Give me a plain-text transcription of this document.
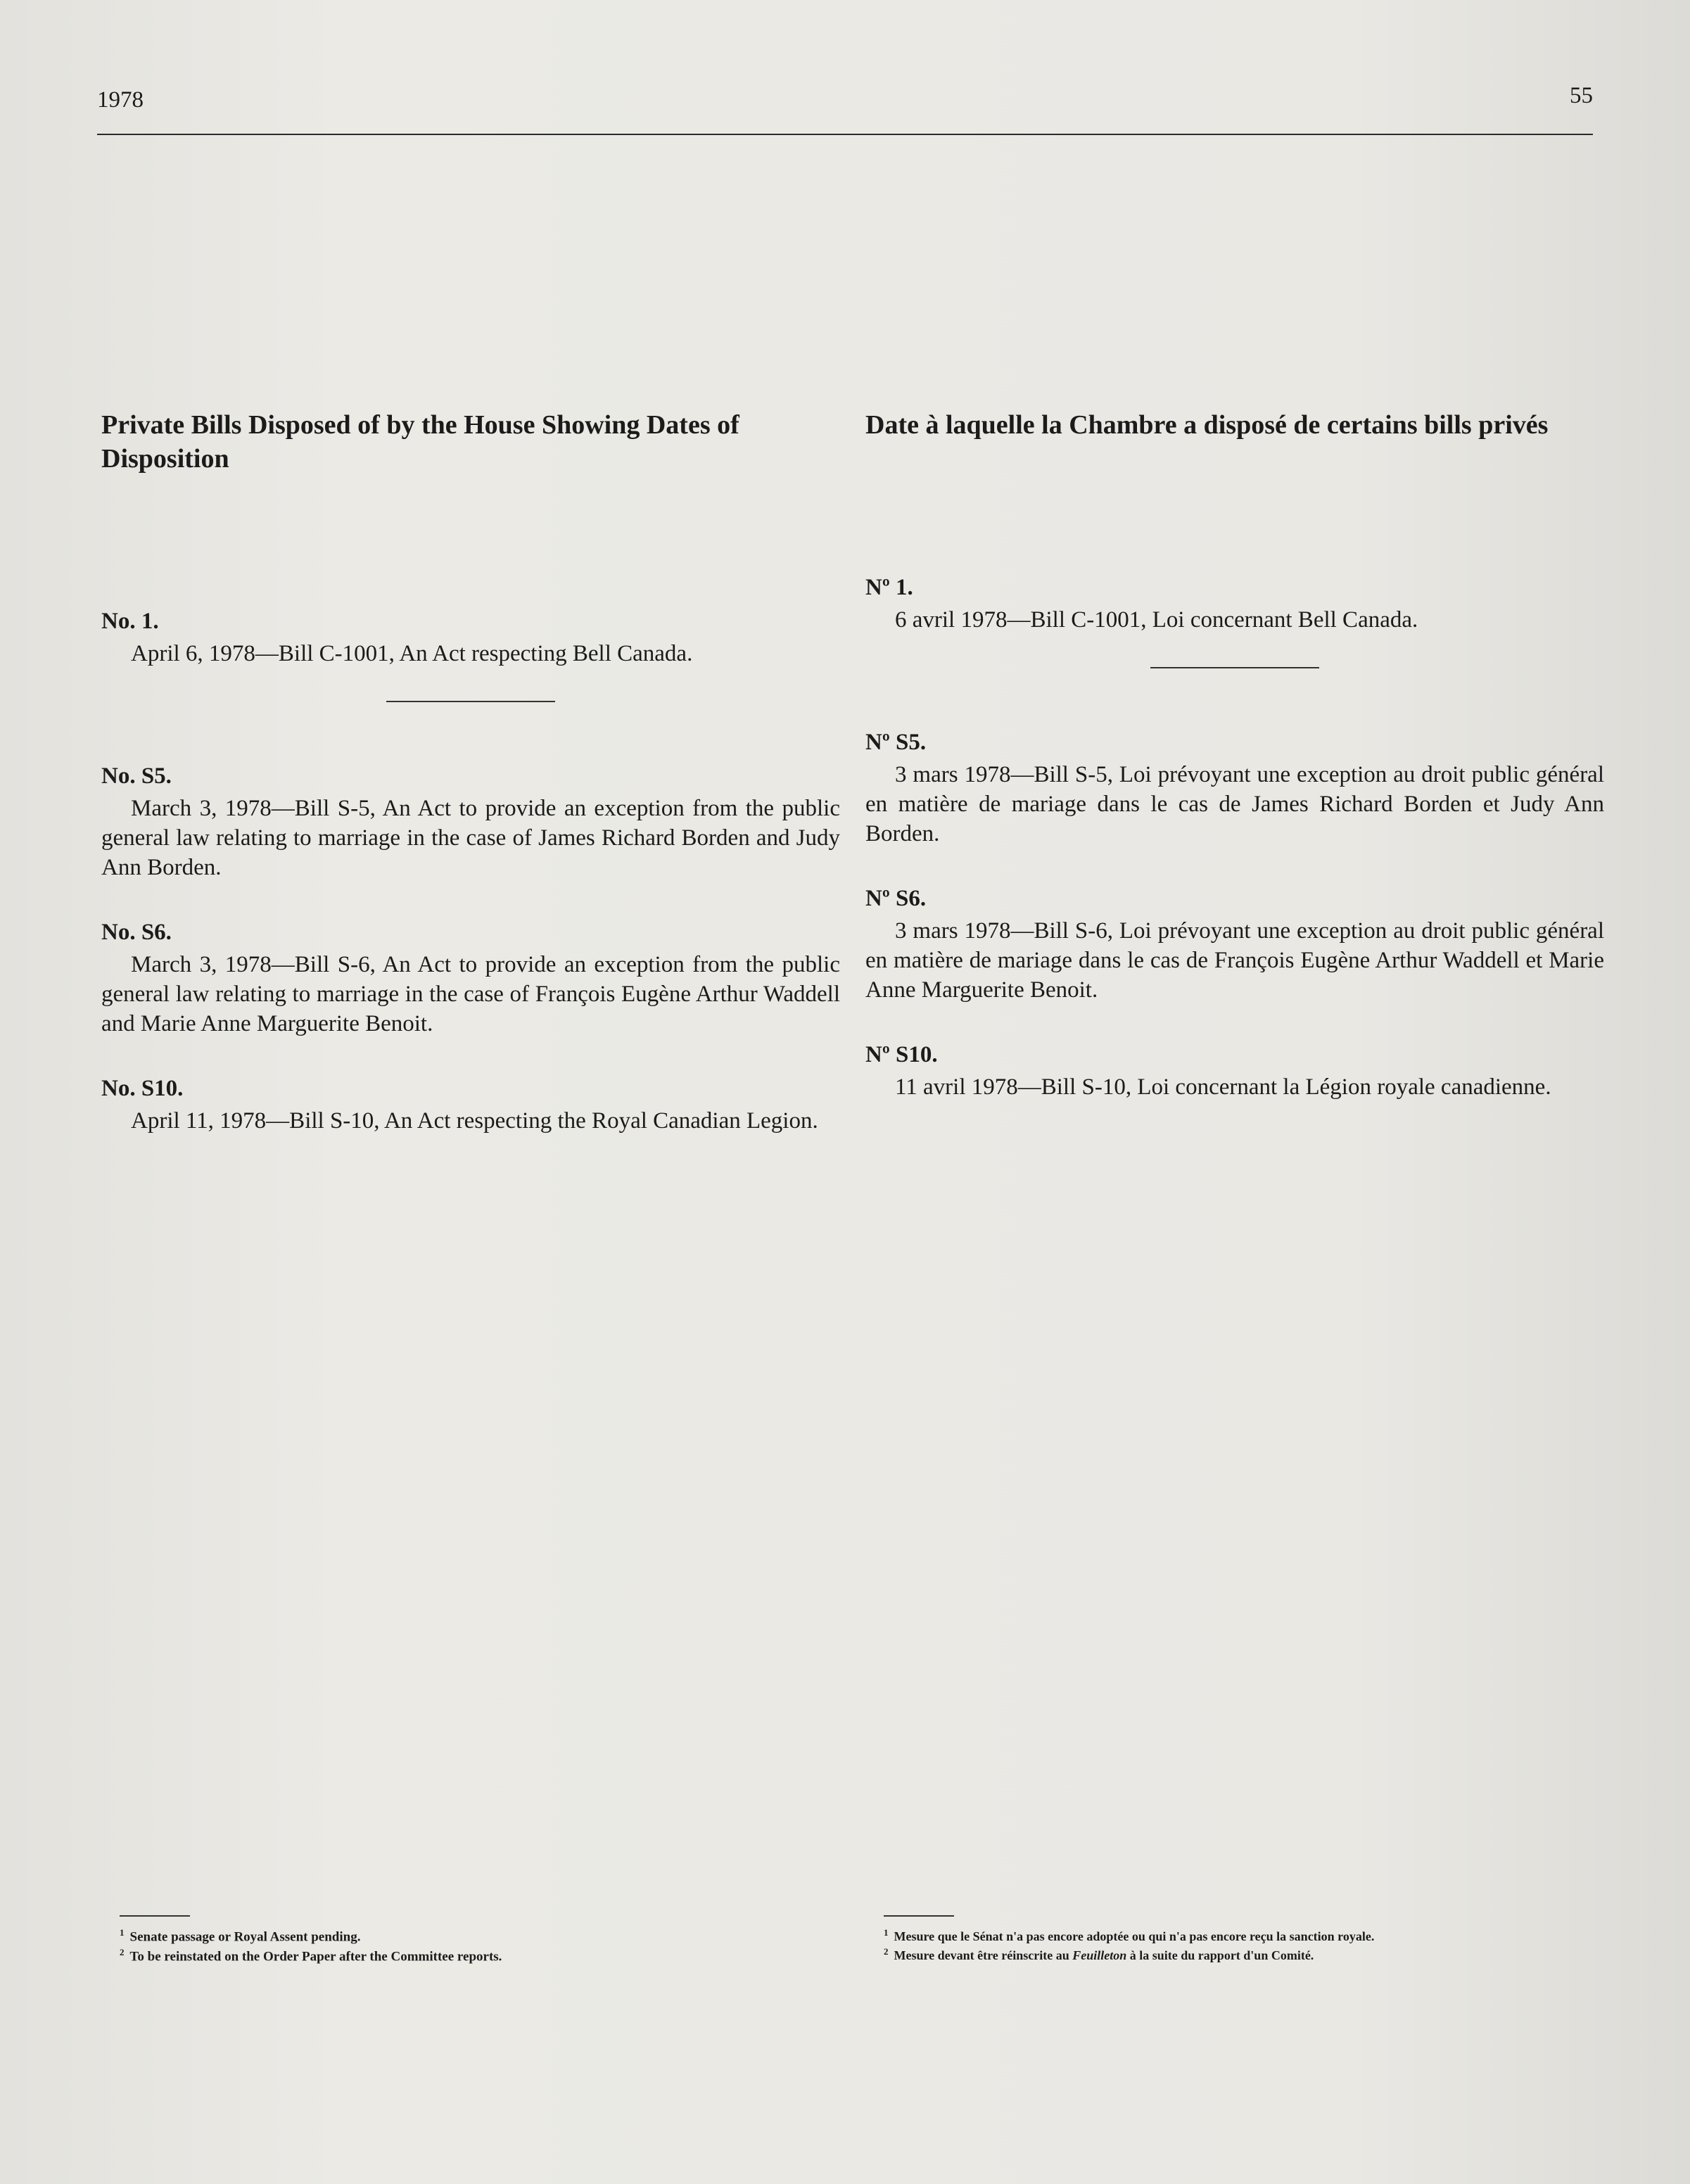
1978	55
Private Bills Disposed of by the House Showing Dates of Disposition
No. 1.

April 6, 1978—Bill C-1001, An Act respecting Bell Canada.

No. S5.

March 3, 1978—Bill S-5, An Act to provide an exception from the public general law relating to marriage in the case of James Richard Borden and Judy Ann Borden.

No. S6.

March 3, 1978—Bill S-6, An Act to provide an exception from the public general law relating to marriage in the case of François Eugène Arthur Waddell and Marie Anne Marguerite Benoit.

No. S10.

April 11, 1978—Bill S-10, An Act respecting the Royal Canadian Legion.

Date à laquelle la Chambre a disposé de certains bills privés
Nº 1.

6 avril 1978—Bill C-1001, Loi concernant Bell Canada.

Nº S5.

3 mars 1978—Bill S-5, Loi prévoyant une exception au droit public général en matière de mariage dans le cas de James Richard Borden et Judy Ann Borden.

Nº S6.

3 mars 1978—Bill S-6, Loi prévoyant une exception au droit public général en matière de mariage dans le cas de François Eugène Arthur Waddell et Marie Anne Marguerite Benoit.

Nº S10.

11 avril 1978—Bill S-10, Loi concernant la Légion royale canadienne.

$^1$ Senate passage or Royal Assent pending.
$^2$ To be reinstated on the Order Paper after the Committee reports.
$^1$ Mesure que le Sénat n'a pas encore adoptée ou qui n'a pas encore reçu la sanction royale.
$^2$ Mesure devant être réinscrite au Feuilleton à la suite du rapport d'un Comité.
